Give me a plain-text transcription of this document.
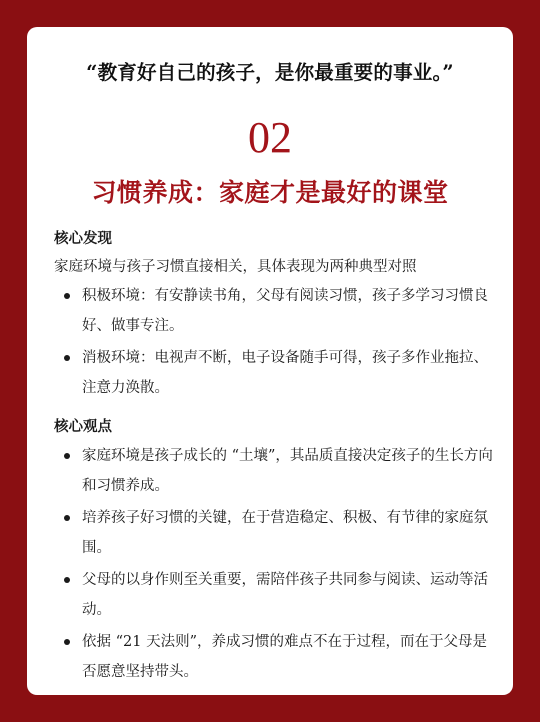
“教育好自己的孩子，是你最重要的事业。”
02
习惯养成：家庭才是最好的课堂
核心发现

家庭环境与孩子习惯直接相关，具体表现为两种典型对照

积极环境：有安静读书角，父母有阅读习惯，孩子多学习习惯良好、做事专注。
消极环境：电视声不断，电子设备随手可得，孩子多作业拖拉、注意力涣散。
核心观点
家庭环境是孩子成长的 “土壤”，其品质直接决定孩子的生长方向和习惯养成。
培养孩子好习惯的关键，在于营造稳定、积极、有节律的家庭氛围。
父母的以身作则至关重要，需陪伴孩子共同参与阅读、运动等活动。
依据 “21 天法则”，养成习惯的难点不在于过程，而在于父母是否愿意坚持带头。
